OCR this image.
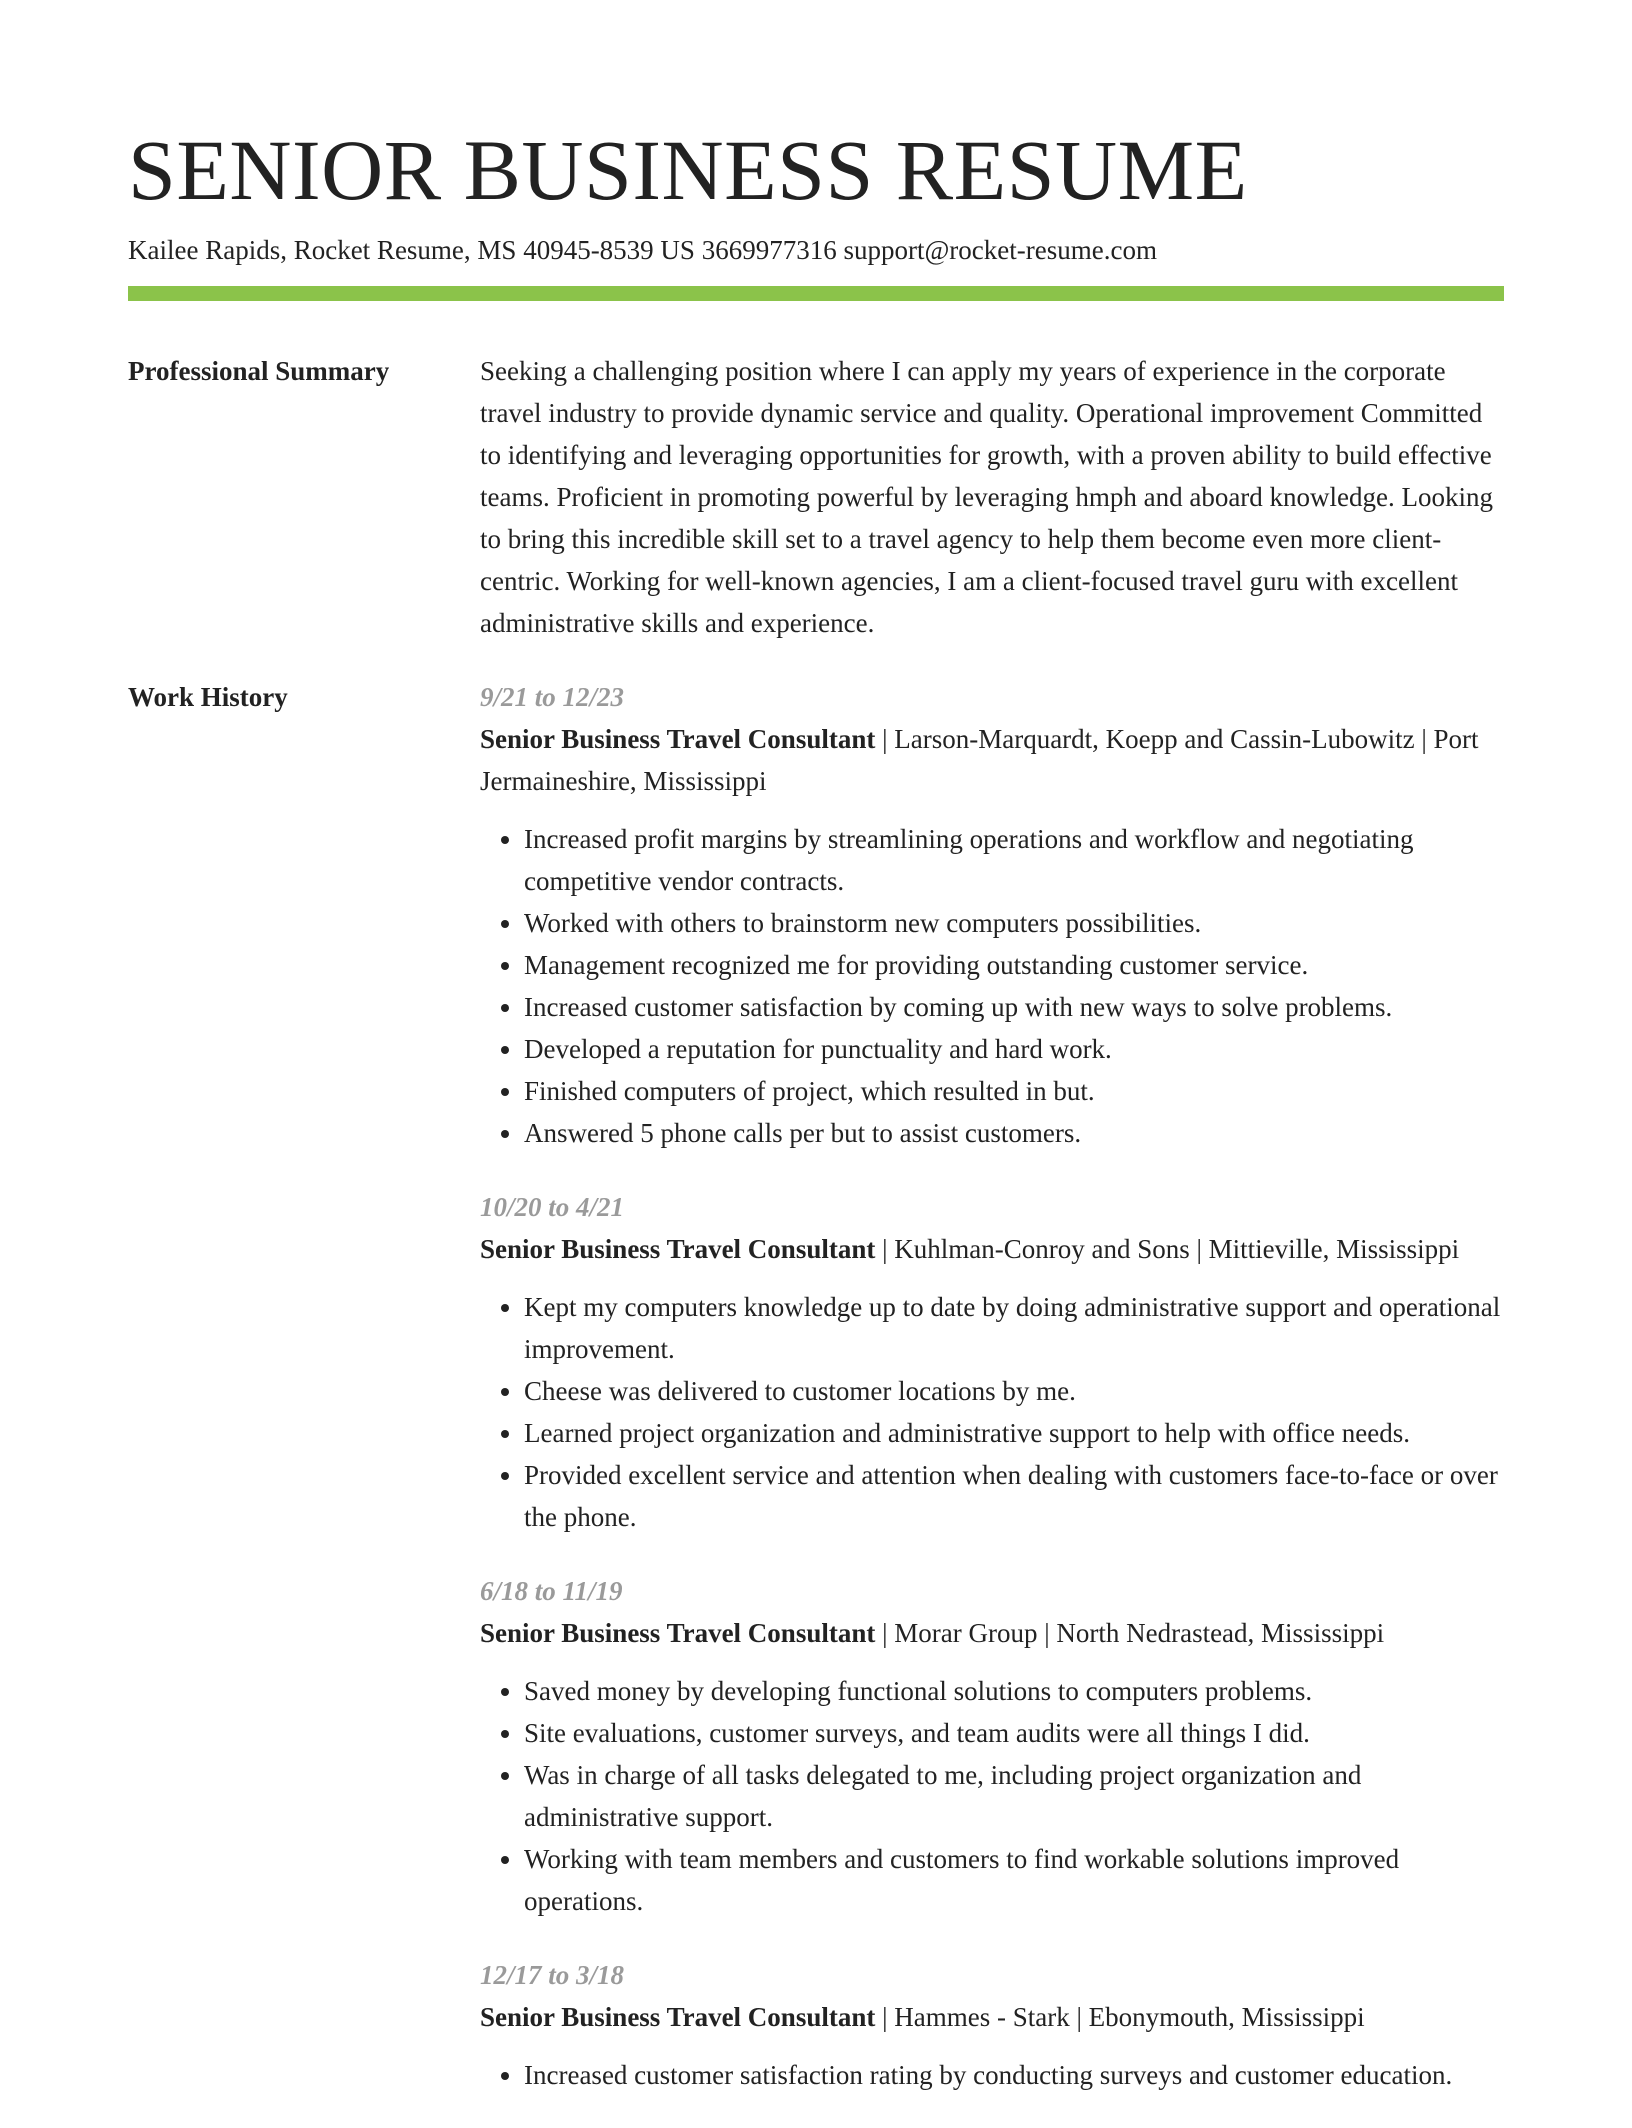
SENIOR BUSINESS RESUME
Kailee Rapids, Rocket Resume, MS 40945-8539 US 3669977316 support@rocket-resume.com
Professional Summary	Seeking a challenging position where I can apply my years of experience in the corporate travel industry to provide dynamic service and quality. Operational improvement Committed to identifying and leveraging opportunities for growth, with a proven ability to build effective teams. Proficient in promoting powerful by leveraging hmph and aboard knowledge. Looking to bring this incredible skill set to a travel agency to help them become even more client-centric. Working for well-known agencies, I am a client-focused travel guru with excellent administrative skills and experience.

Work History	9/21 to 12/23
Senior Business Travel Consultant | Larson-Marquardt, Koepp and Cassin-Lubowitz | Port Jermaineshire, Mississippi
• Increased profit margins by streamlining operations and workflow and negotiating competitive vendor contracts.
• Worked with others to brainstorm new computers possibilities.
• Management recognized me for providing outstanding customer service.
• Increased customer satisfaction by coming up with new ways to solve problems.
• Developed a reputation for punctuality and hard work.
• Finished computers of project, which resulted in but.
• Answered 5 phone calls per but to assist customers.
10/20 to 4/21
Senior Business Travel Consultant | Kuhlman-Conroy and Sons | Mittieville, Mississippi
• Kept my computers knowledge up to date by doing administrative support and operational improvement.
• Cheese was delivered to customer locations by me.
• Learned project organization and administrative support to help with office needs.
• Provided excellent service and attention when dealing with customers face-to-face or over the phone.
6/18 to 11/19
Senior Business Travel Consultant | Morar Group | North Nedrastead, Mississippi
• Saved money by developing functional solutions to computers problems.
• Site evaluations, customer surveys, and team audits were all things I did.
• Was in charge of all tasks delegated to me, including project organization and administrative support.
• Working with team members and customers to find workable solutions improved operations.
12/17 to 3/18
Senior Business Travel Consultant | Hammes - Stark | Ebonymouth, Mississippi
• Increased customer satisfaction rating by conducting surveys and customer education.
